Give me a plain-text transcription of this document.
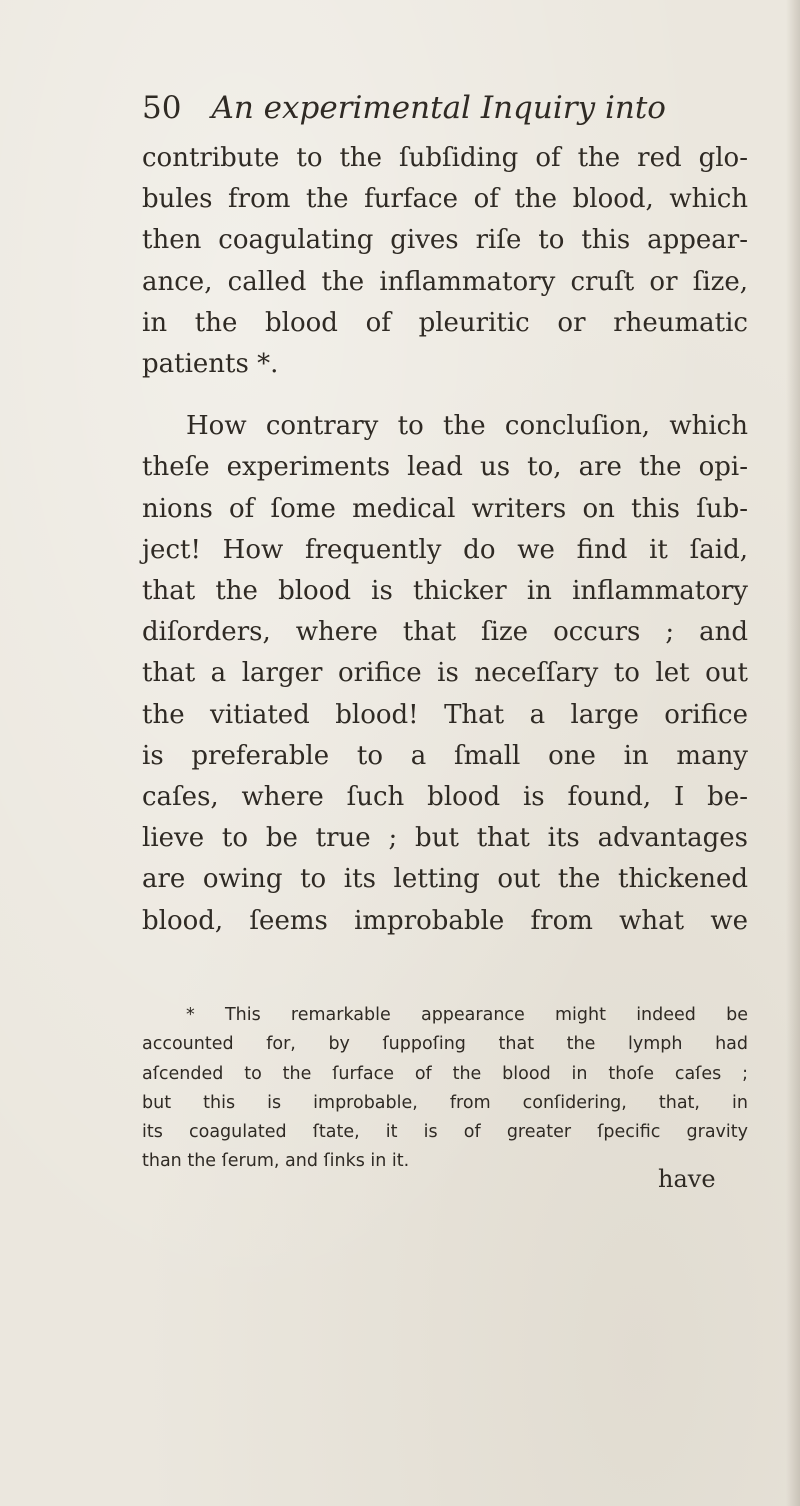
50 An experimental Inquiry into
contribute to the ſubſiding of the red glo-
bules from the furface of the blood, which
then coagulating gives riſe to this appear-
ance, called the inflammatory cruſt or ſize,
in the blood of pleuritic or rheumatic
patients *.
How contrary to the concluſion, which
theſe experiments lead us to, are the opi-
nions of ſome medical writers on this ſub-
ject! How frequently do we find it ſaid,
that the blood is thicker in inflammatory
diſorders, where that ſize occurs ; and
that a larger orifice is neceſſary to let out
the vitiated blood! That a large orifice
is preferable to a ſmall one in many
caſes, where ſuch blood is found, I be-
lieve to be true ; but that its advantages
are owing to its letting out the thickened
blood, ſeems improbable from what we
* This remarkable appearance might indeed be
accounted for, by ſuppoſing that the lymph had
aſcended to the ſurface of the blood in thoſe caſes ;
but this is improbable, from conſidering, that, in
its coagulated ſtate, it is of greater ſpecific gravity
than the ſerum, and ſinks in it.
have
